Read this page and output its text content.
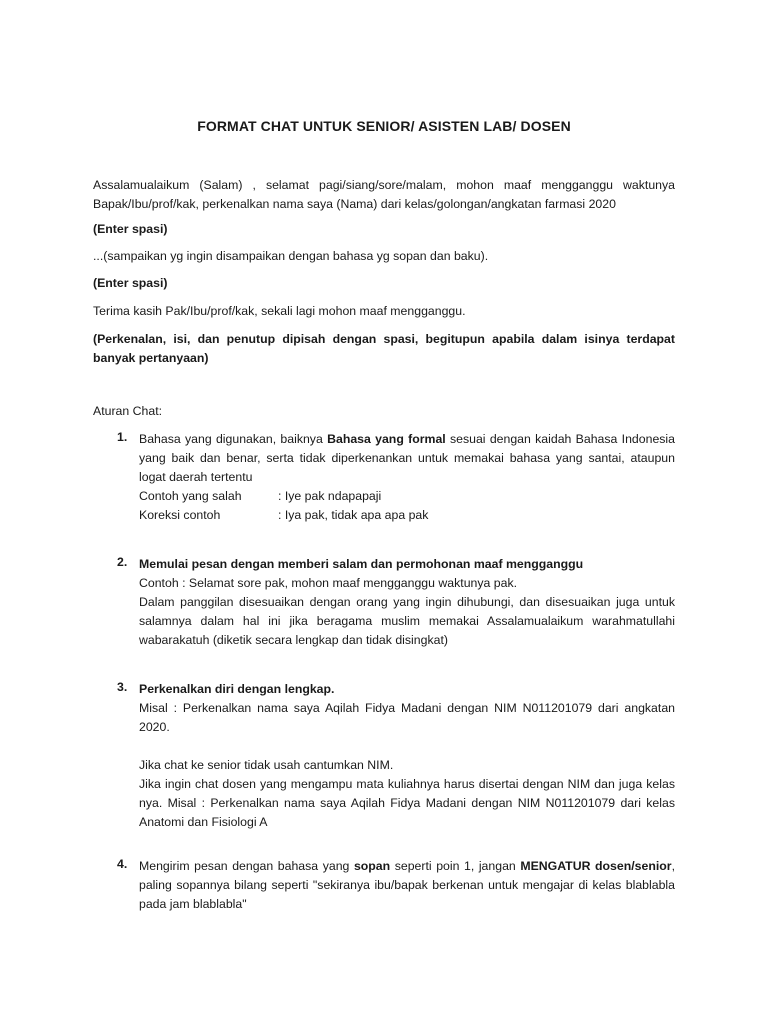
FORMAT CHAT UNTUK SENIOR/ ASISTEN LAB/ DOSEN
Assalamualaikum (Salam) , selamat pagi/siang/sore/malam, mohon maaf mengganggu waktunya Bapak/Ibu/prof/kak, perkenalkan nama saya (Nama) dari kelas/golongan/angkatan farmasi 2020
(Enter spasi)
...(sampaikan yg ingin disampaikan dengan bahasa yg sopan dan baku).
(Enter spasi)
Terima kasih Pak/Ibu/prof/kak, sekali lagi mohon maaf mengganggu.
(Perkenalan, isi, dan penutup dipisah dengan spasi, begitupun apabila dalam isinya terdapat banyak pertanyaan)
Aturan Chat:
1. Bahasa yang digunakan, baiknya Bahasa yang formal sesuai dengan kaidah Bahasa Indonesia yang baik dan benar, serta tidak diperkenankan untuk memakai bahasa yang santai, ataupun logat daerah tertentu
Contoh yang salah	: Iye pak ndapapaji
Koreksi contoh	: Iya pak, tidak apa apa pak
2. Memulai pesan dengan memberi salam dan permohonan maaf mengganggu
Contoh : Selamat sore pak, mohon maaf mengganggu waktunya pak.
Dalam panggilan disesuaikan dengan orang yang ingin dihubungi, dan disesuaikan juga untuk salamnya dalam hal ini jika beragama muslim memakai Assalamualaikum warahmatullahi wabarakatuh (diketik secara lengkap dan tidak disingkat)
3. Perkenalkan diri dengan lengkap.
Misal : Perkenalkan nama saya Aqilah Fidya Madani dengan NIM N011201079 dari angkatan 2020.
Jika chat ke senior tidak usah cantumkan NIM.
Jika ingin chat dosen yang mengampu mata kuliahnya harus disertai dengan NIM dan juga kelas nya. Misal : Perkenalkan nama saya Aqilah Fidya Madani dengan NIM N011201079 dari kelas Anatomi dan Fisiologi A
4. Mengirim pesan dengan bahasa yang sopan seperti poin 1, jangan MENGATUR dosen/senior, paling sopannya bilang seperti "sekiranya ibu/bapak berkenan untuk mengajar di kelas blablabla pada jam blablabla"
